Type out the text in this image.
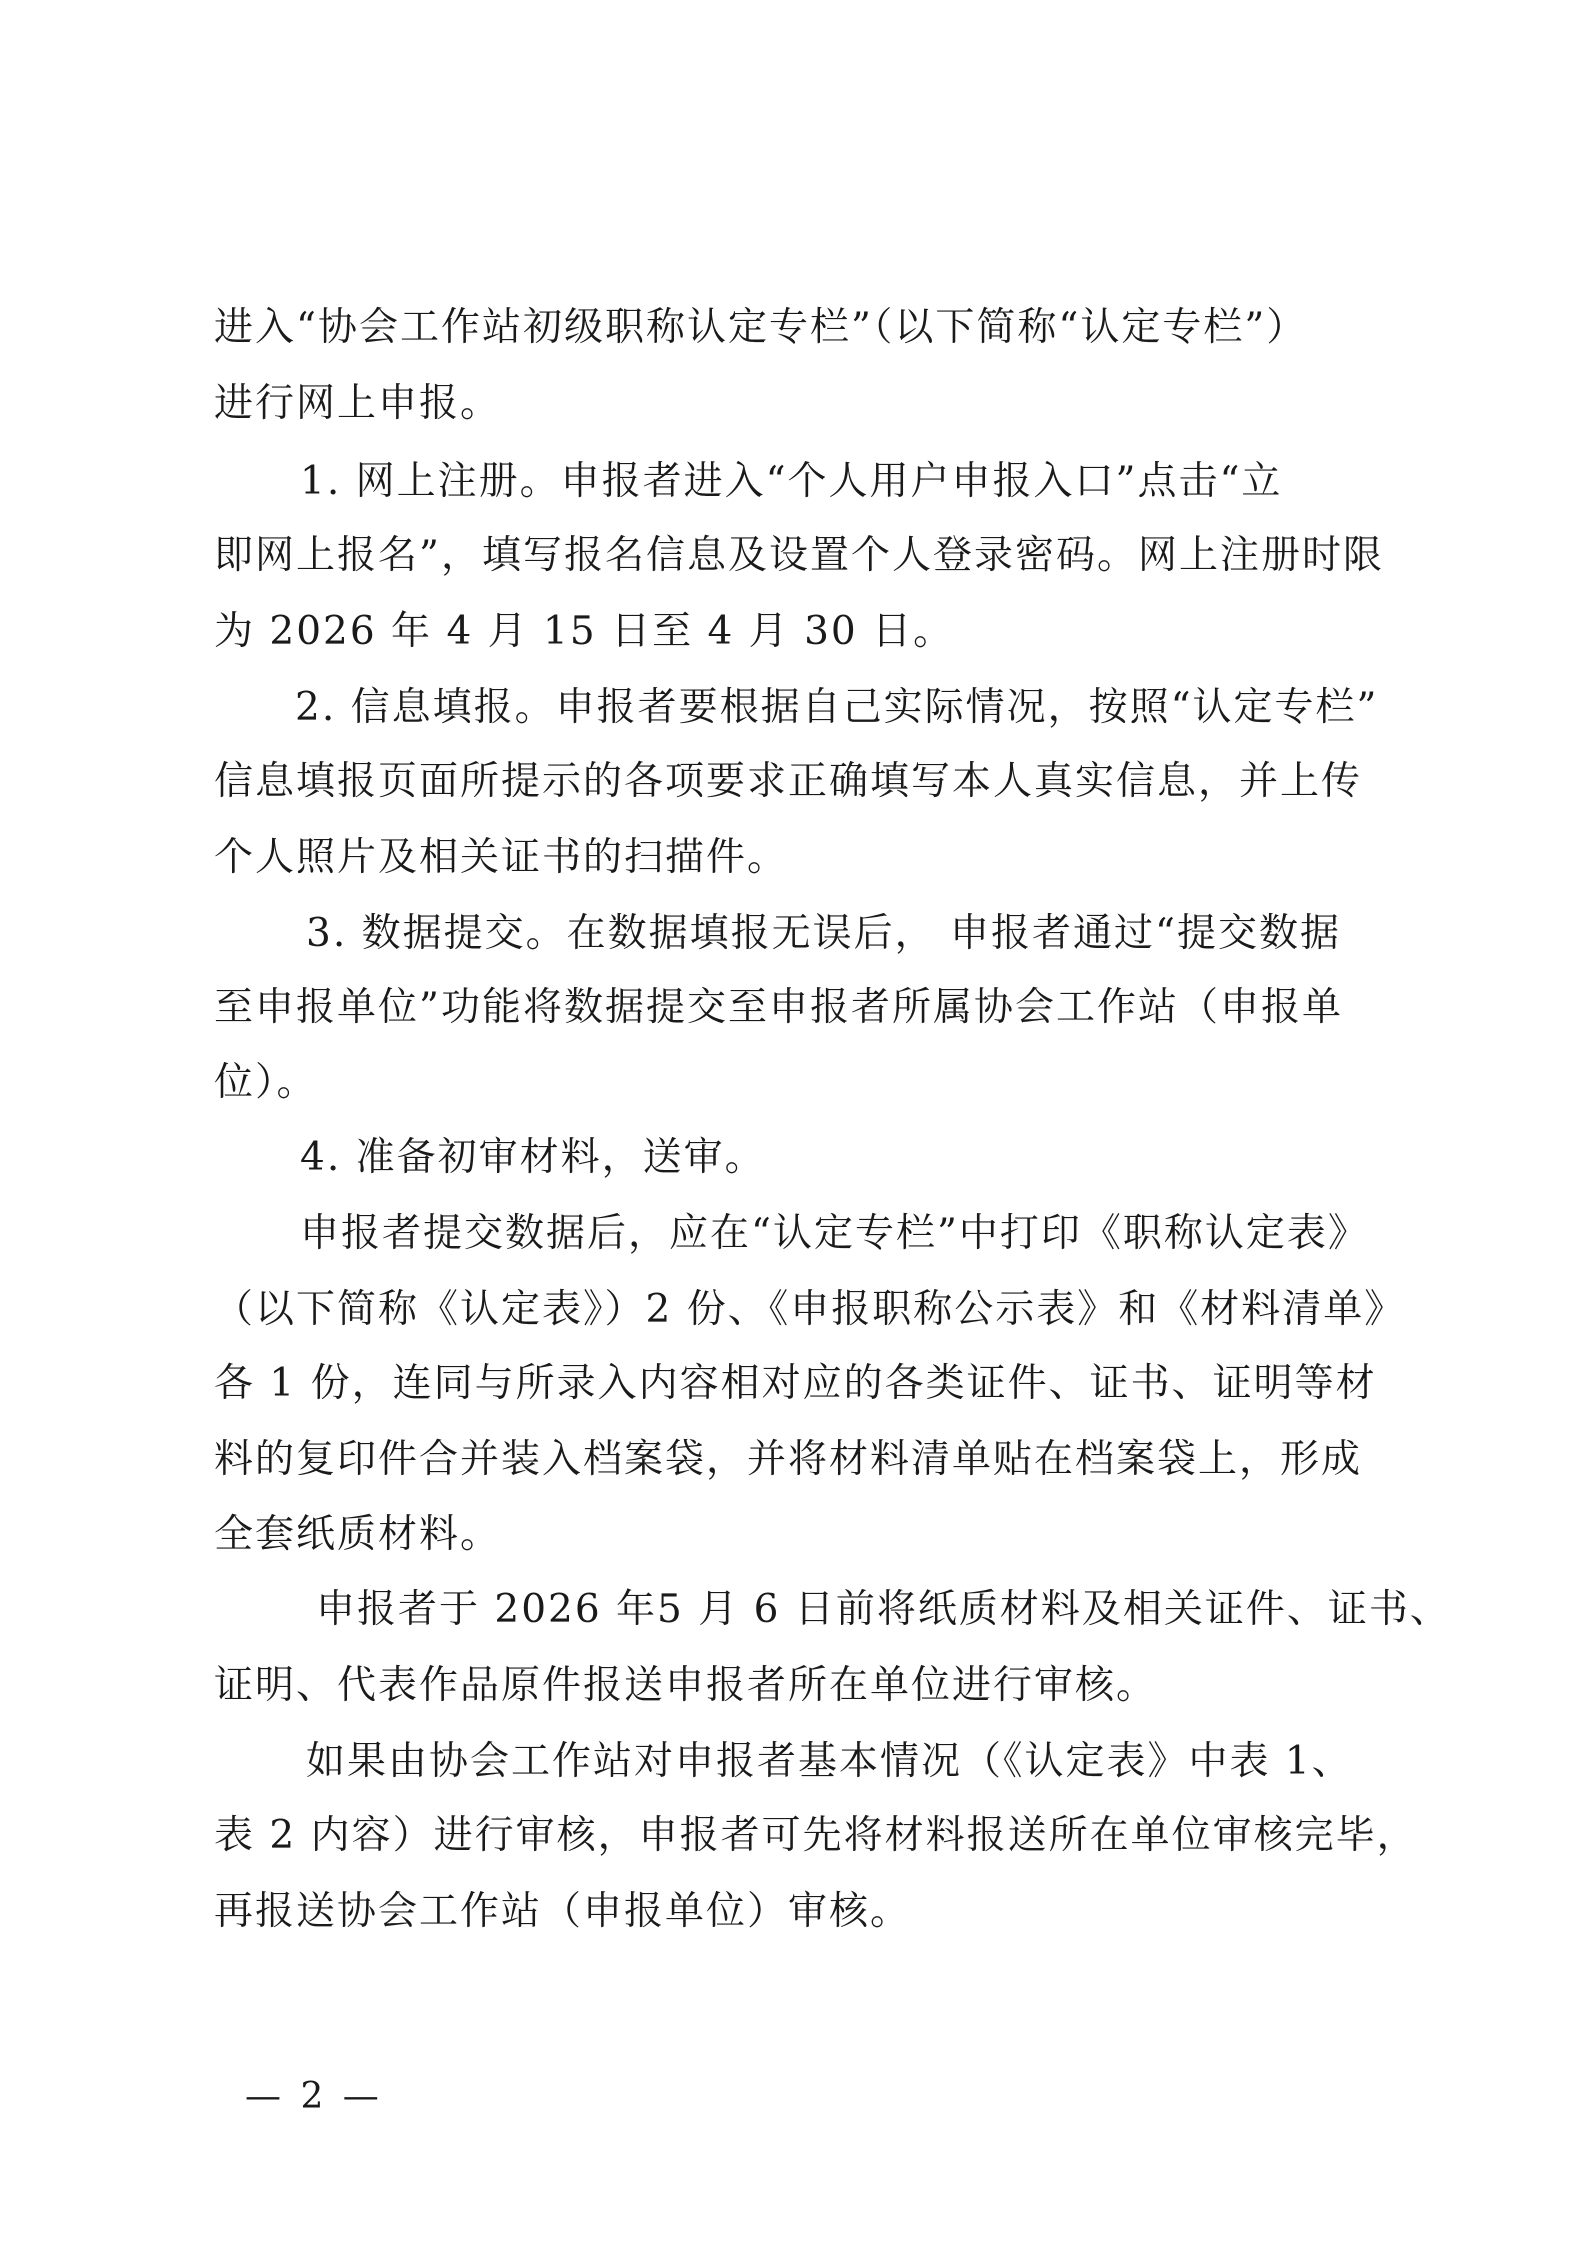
进入“协会工作站初级职称认定专栏”（以下简称“认定专栏”）
进行网上申报。
1. 网上注册。申报者进入“个人用户申报入口”点击“立
即网上报名”，填写报名信息及设置个人登录密码。网上注册时限
为 2026 年 4 月 15 日至 4 月 30 日。
2. 信息填报。申报者要根据自己实际情况，按照“认定专栏”
信息填报页面所提示的各项要求正确填写本人真实信息，并上传
个人照片及相关证书的扫描件。
3. 数据提交。在数据填报无误后， 申报者通过“提交数据
至申报单位”功能将数据提交至申报者所属协会工作站（申报单
位）。
4. 准备初审材料，送审。
申报者提交数据后，应在“认定专栏”中打印《职称认定表》
（以下简称《认定表》）2 份、《申报职称公示表》和《材料清单》
各 1 份，连同与所录入内容相对应的各类证件、证书、证明等材
料的复印件合并装入档案袋，并将材料清单贴在档案袋上，形成
全套纸质材料。
申报者于 2026 年5 月 6 日前将纸质材料及相关证件、证书、
证明、代表作品原件报送申报者所在单位进行审核。
如果由协会工作站对申报者基本情况（《认定表》中表 1、
表 2 内容）进行审核，申报者可先将材料报送所在单位审核完毕，
再报送协会工作站（申报单位）审核。
— 2 —
